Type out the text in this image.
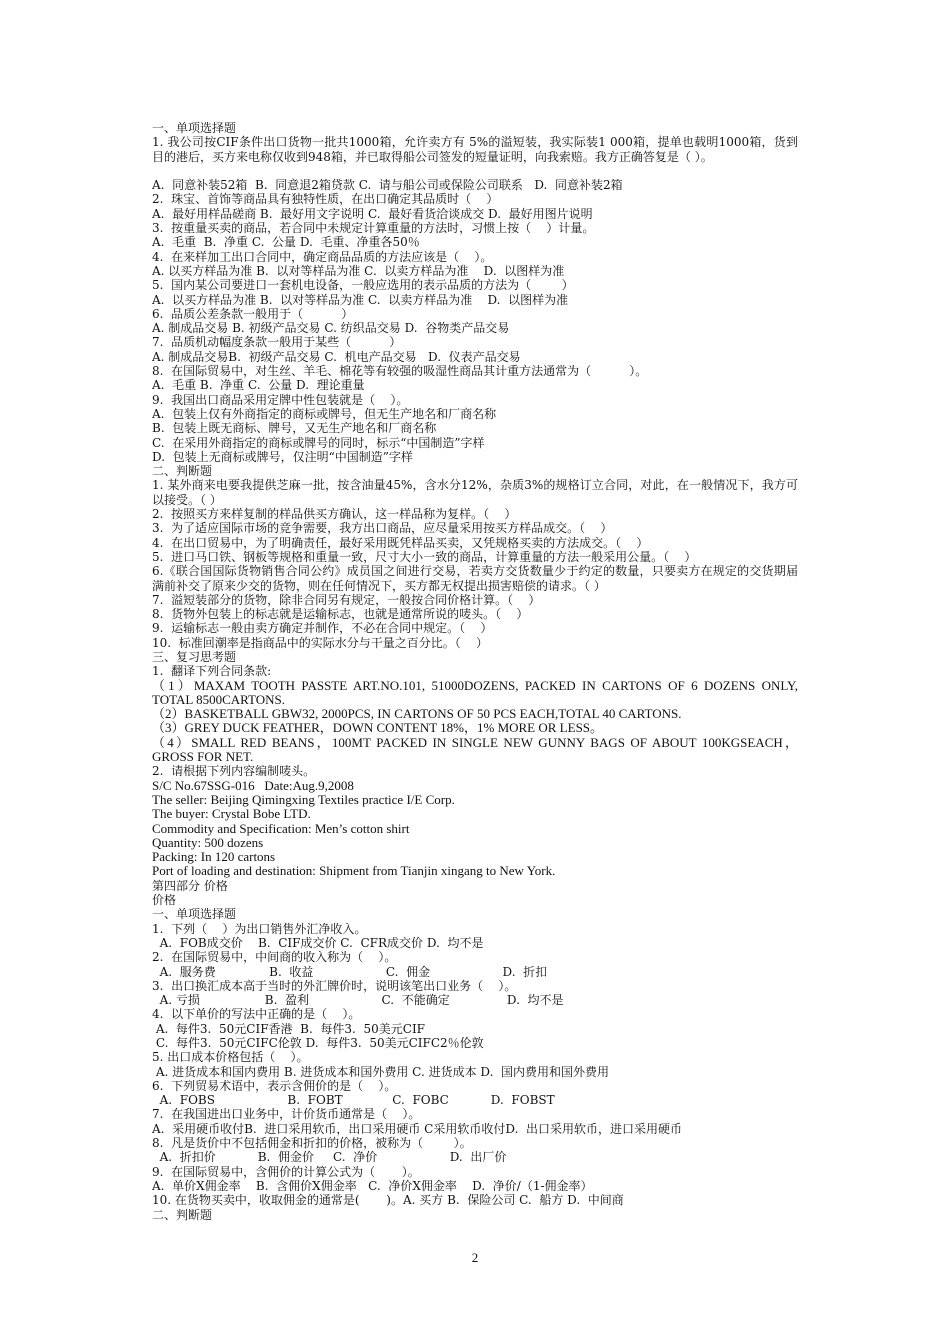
一、单项选择题
1. 我公司按CIF条件出口货物一批共1000箱，允许卖方有 5%的溢短装，我实际装1 000箱，提单也载明1000箱，货到目的港后，买方来电称仅收到948箱，并已取得船公司签发的短量证明，向我索赔。我方正确答复是（ ）。
A.  同意补装52箱  B.  同意退2箱贷款 C.  请与船公司或保险公司联系   D.  同意补装2箱
2.  珠宝、首饰等商品具有独特性质，在出口确定其品质时（    ）
A.  最好用样品磋商 B.  最好用文字说明 C.  最好看货洽谈成交 D.  最好用图片说明
3.  按重量买卖的商品，若合同中未规定计算重量的方法时，习惯上按（    ）计量。
A.  毛重  B.  净重 C.  公量 D.  毛重、净重各50％
4.  在来样加工出口合同中，确定商品品质的方法应该是（    ）。
A. 以买方样品为准 B.  以对等样品为准 C.  以卖方样品为准    D.  以图样为准
5.  国内某公司要进口一套机电设备，一般应选用的表示品质的方法为（        ）
A.  以买方样品为准 B.  以对等样品为准 C.  以卖方样品为准    D.  以图样为准
6.  品质公差条款一般用于（          ）
A. 制成品交易 B. 初级产品交易 C. 纺织品交易 D.  谷物类产品交易
7.  品质机动幅度条款一般用于某些（          ）
A. 制成品交易B.  初级产品交易 C.  机电产品交易   D.  仪表产品交易
8.  在国际贸易中，对生丝、羊毛、棉花等有较强的吸湿性商品其计重方法通常为（          ）。
A.  毛重 B.  净重 C.  公量 D.  理论重量
9.  我国出口商品采用定牌中性包装就是（    ）。
A.  包装上仅有外商指定的商标或牌号，但无生产地名和厂商名称
B.  包装上既无商标、牌号，又无生产地名和厂商名称
C.  在采用外商指定的商标或牌号的同时，标示“中国制造”字样
D.  包装上无商标或牌号，仅注明“中国制造”字样
二、判断题
1. 某外商来电要我提供芝麻一批，按含油量45%，含水分12%，杂质3%的规格订立合同，对此，在一般情况下，我方可以接受。（ ）
2.  按照买方来样复制的样品供买方确认，这一样品称为复样。（    ）
3.  为了适应国际市场的竞争需要，我方出口商品，应尽量采用按买方样品成交。（    ）
4.  在出口贸易中，为了明确责任，最好采用既凭样品买卖，又凭规格买卖的方法成交。（    ）
5.  进口马口铁、钢板等规格和重量一致，尺寸大小一致的商品，计算重量的方法一般采用公量。（    ）
6.《联合国国际货物销售合同公约》成员国之间进行交易，若卖方交货数量少于约定的数量，只要卖方在规定的交货期届满前补交了原来少交的货物，则在任何情况下，买方都无权提出损害赔偿的请求。（ ）
7.  溢短装部分的货物，除非合同另有规定，一般按合同价格计算。（    ）
8.  货物外包装上的标志就是运输标志，也就是通常所说的唛头。（    ）
9.  运输标志一般由卖方确定并制作，不必在合同中规定。（    ）
10.  标准回潮率是指商品中的实际水分与干量之百分比。（    ）
三、复习思考题
1.  翻译下列合同条款:
（1）MAXAM TOOTH PASSTE ART.NO.101, 51000DOZENS, PACKED IN CARTONS OF 6 DOZENS ONLY, TOTAL 8500CARTONS.
（2）BASKETBALL GBW32, 2000PCS, IN CARTONS OF 50 PCS EACH,TOTAL 40 CARTONS.
（3）GREY DUCK FEATHER，DOWN CONTENT 18%，1% MORE OR LESS。
（4）SMALL RED BEANS，100MT PACKED IN SINGLE NEW GUNNY BAGS OF ABOUT 100KGSEACH，GROSS FOR NET.
2.  请根据下列内容编制唛头。
S/C No.67SSG-016   Date:Aug.9,2008
The seller: Beijing Qimingxing Textiles practice I/E Corp.
The buyer: Crystal Bobe LTD.
Commodity and Specification: Men’s cotton shirt
Quantity: 500 dozens
Packing: In 120 cartons
Port of loading and destination: Shipment from Tianjin xingang to New York.
第四部分 价格
价格
一、单项选择题
1.  下列（    ）为出口销售外汇净收入。
A.  FOB成交价    B.  CIF成交价 C.  CFR成交价 D.  均不是
2.  在国际贸易中，中间商的收入称为（    ）。
A.  服务费              B.  收益                   C.  佣金                   D.  折扣
3.  出口换汇成本高于当时的外汇牌价时，说明该笔出口业务（    ）。
A. 亏损                 B.  盈利                   C.  不能确定               D.  均不是
4.  以下单价的写法中正确的是（    ）。
A.  每件3.  50元CIF香港  B.  每件3.  50美元CIF
C.  每件3.  50元CIFC伦敦 D.  每件3.  50美元CIFC2％伦敦
5. 出口成本价格包括（    ）。
A. 进货成本和国内费用 B. 进货成本和国外费用 C. 进货成本 D.  国内费用和国外费用
6.  下列贸易术语中，表示含佣价的是（    ）。
A.  FOBS                   B.  FOBT             C.  FOBC           D.  FOBST
7.  在我国进出口业务中，计价货币通常是（    ）。
A.  采用硬币收付B.  进口采用软币，出口采用硬币 C采用软币收付D.  出口采用软币，进口采用硬币
8.  凡是货价中不包括佣金和折扣的价格，被称为（        ）。
A.  折扣价           B.  佣金价     C.  净价                   D.  出厂价
9.  在国际贸易中，含佣价的计算公式为（       ）。
A.  单价X佣金率    B.  含佣价X佣金率   C.  净价X佣金率    D.  净价/（1-佣金率）
10. 在货物买卖中，收取佣金的通常是(       )。A. 买方 B.  保险公司 C.  船方 D.  中间商
二、判断题
2
